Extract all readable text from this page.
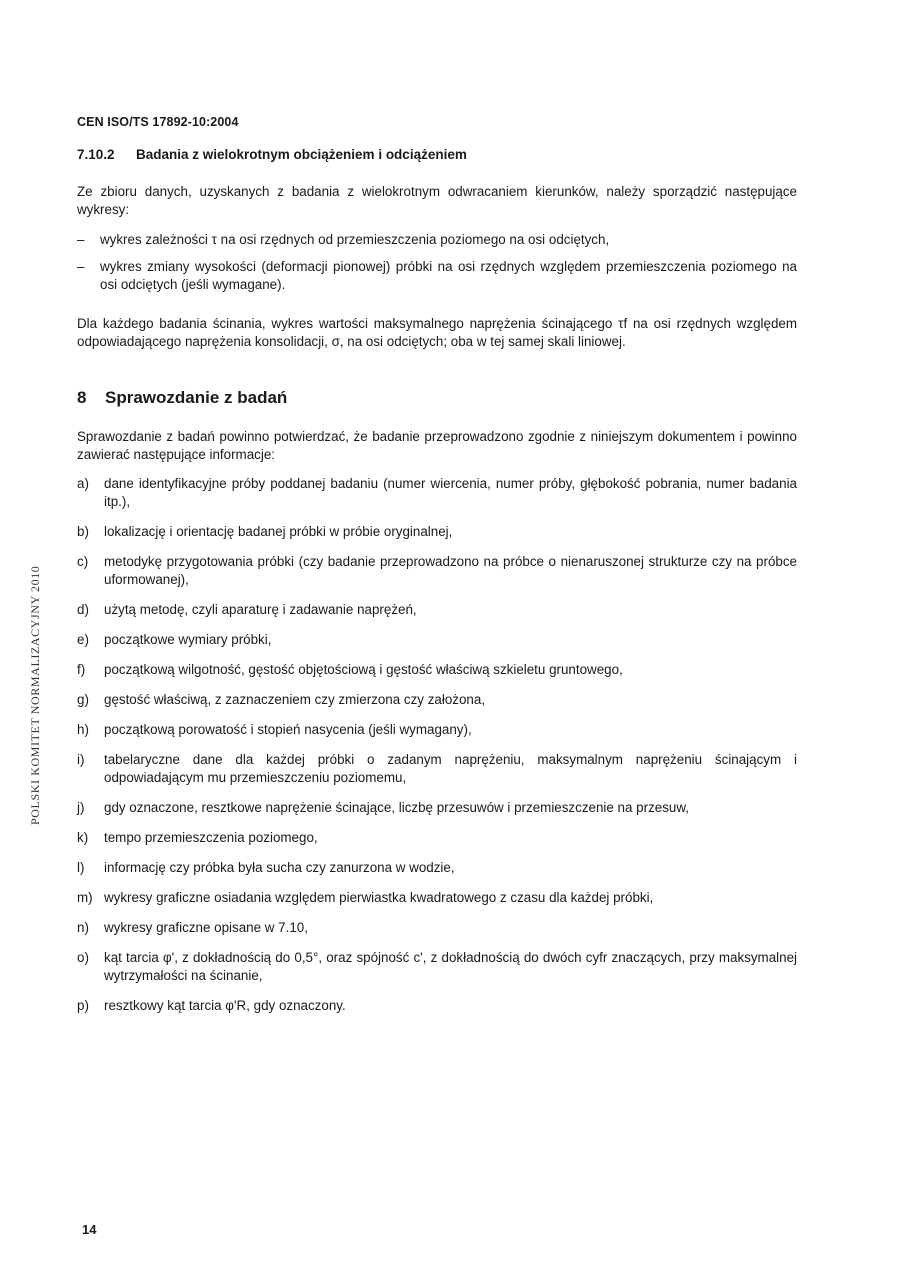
CEN ISO/TS 17892-10:2004
7.10.2 Badania z wielokrotnym obciążeniem i odciążeniem
Ze zbioru danych, uzyskanych z badania z wielokrotnym odwracaniem kierunków, należy sporządzić następujące wykresy:
– wykres zależności τ na osi rzędnych od przemieszczenia poziomego na osi odciętych,
– wykres zmiany wysokości (deformacji pionowej) próbki na osi rzędnych względem przemieszczenia poziomego na osi odciętych (jeśli wymagane).
Dla każdego badania ścinania, wykres wartości maksymalnego naprężenia ścinającego τf na osi rzędnych względem odpowiadającego naprężenia konsolidacji, σ, na osi odciętych; oba w tej samej skali liniowej.
8 Sprawozdanie z badań
Sprawozdanie z badań powinno potwierdzać, że badanie przeprowadzono zgodnie z niniejszym dokumentem i powinno zawierać następujące informacje:
a) dane identyfikacyjne próby poddanej badaniu (numer wiercenia, numer próby, głębokość pobrania, numer badania itp.),
b) lokalizację i orientację badanej próbki w próbie oryginalnej,
c) metodykę przygotowania próbki (czy badanie przeprowadzono na próbce o nienaruszonej strukturze czy na próbce uformowanej),
d) użytą metodę, czyli aparaturę i zadawanie naprężeń,
e) początkowe wymiary próbki,
f) początkową wilgotność, gęstość objętościową i gęstość właściwą szkieletu gruntowego,
g) gęstość właściwą, z zaznaczeniem czy zmierzona czy założona,
h) początkową porowatość i stopień nasycenia (jeśli wymagany),
i) tabelaryczne dane dla każdej próbki o zadanym naprężeniu, maksymalnym naprężeniu ścinającym i odpowiadającym mu przemieszczeniu poziomemu,
j) gdy oznaczone, resztkowe naprężenie ścinające, liczbę przesuwów i przemieszczenie na przesuw,
k) tempo przemieszczenia poziomego,
l) informację czy próbka była sucha czy zanurzona w wodzie,
m) wykresy graficzne osiadania względem pierwiastka kwadratowego z czasu dla każdej próbki,
n) wykresy graficzne opisane w 7.10,
o) kąt tarcia φ', z dokładnością do 0,5°, oraz spójność c', z dokładnością do dwóch cyfr znaczących, przy maksymalnej wytrzymałości na ścinanie,
p) resztkowy kąt tarcia φ'R, gdy oznaczony.
POLSKI KOMITET NORMALIZACYJNY 2010
14
